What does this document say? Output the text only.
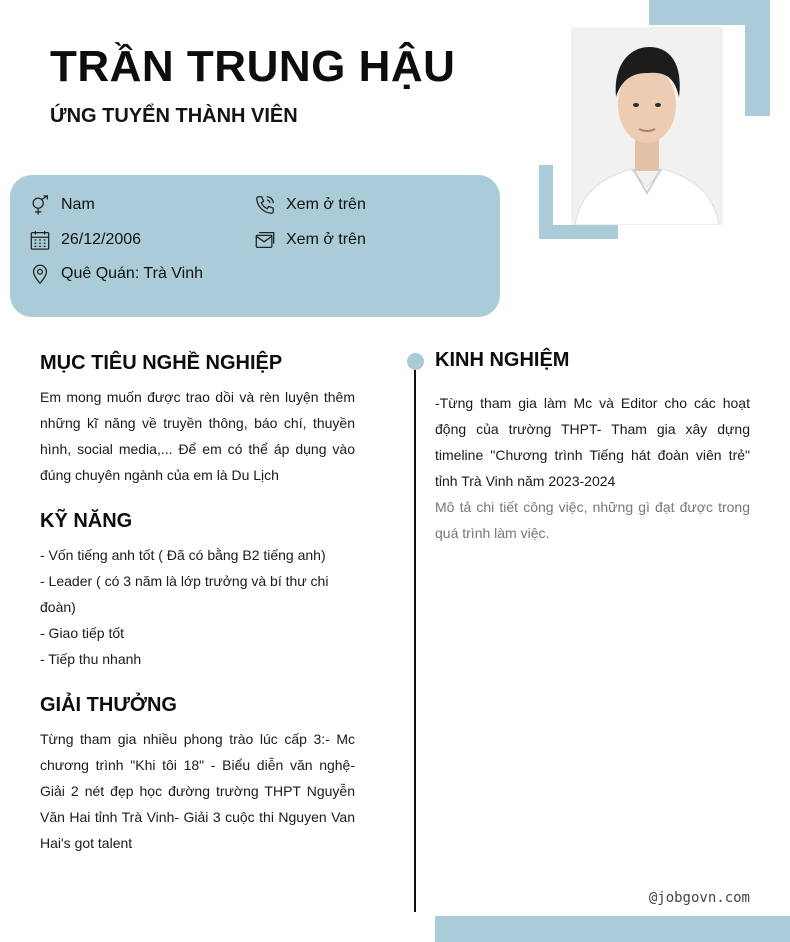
TRẦN TRUNG HẬU
ỨNG TUYỂN THÀNH VIÊN
Nam
26/12/2006
Quê Quán: Trà Vinh
Xem ở trên
Xem ở trên
MỤC TIÊU NGHỀ NGHIỆP
Em mong muốn được trao dồi và rèn luyện thêm những kĩ năng về truyền thông, báo chí, thuyền hình, social media,... Để em có thể áp dụng vào đúng chuyên ngành của em là Du Lịch
KỸ NĂNG
- Vốn tiếng anh tốt ( Đã có bằng B2 tiếng anh)
- Leader ( có 3 năm là lớp trưởng và bí thư chi đoàn)
- Giao tiếp tốt
- Tiếp thu nhanh
GIẢI THƯỞNG
Từng tham gia nhiều phong trào lúc cấp 3:- Mc chương trình "Khi tôi 18" - Biểu diễn văn nghệ- Giải 2 nét đẹp học đường trường THPT Nguyễn Văn Hai tỉnh Trà Vinh- Giải 3 cuộc thi Nguyen Van Hai's got talent
KINH NGHIỆM
-Từng tham gia làm Mc và Editor cho các hoạt động của trường THPT- Tham gia xây dựng timeline "Chương trình Tiếng hát đoàn viên trẻ" tỉnh Trà Vinh năm 2023-2024
Mô tả chi tiết công việc, những gì đạt được trong quá trình làm việc.
@jobgovn.com
